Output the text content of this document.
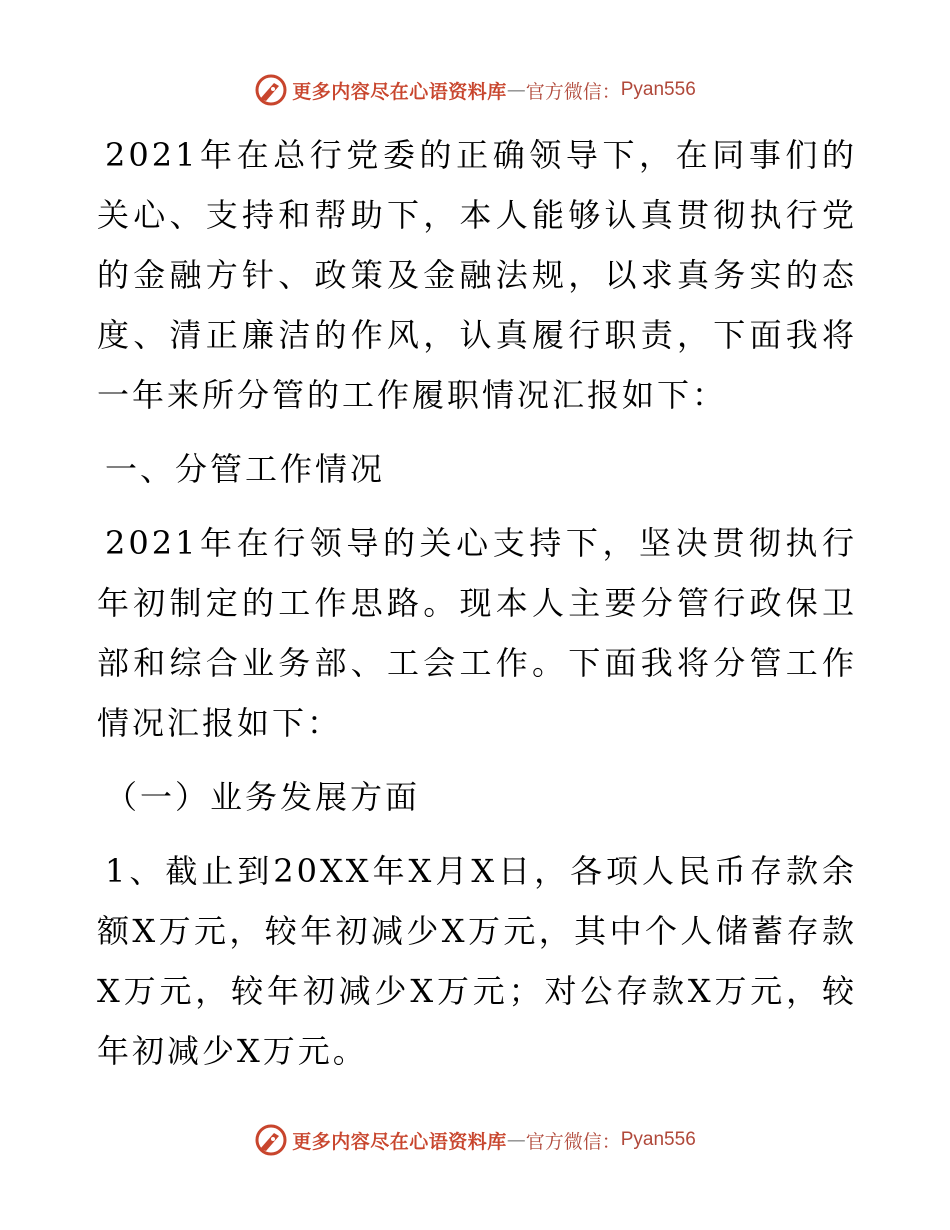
更多内容尽在心语资料库 — 官方微信： Pyan556

2021年在总行党委的正确领导下，在同事们的关心、支持和帮助下，本人能够认真贯彻执行党的金融方针、政策及金融法规，以求真务实的态度、清正廉洁的作风，认真履行职责，下面我将一年来所分管的工作履职情况汇报如下：

一、分管工作情况

2021年在行领导的关心支持下，坚决贯彻执行年初制定的工作思路。现本人主要分管行政保卫部和综合业务部、工会工作。下面我将分管工作情况汇报如下：

（一）业务发展方面

1、截止到20XX年X月X日，各项人民币存款余额X万元，较年初减少X万元，其中个人储蓄存款X万元，较年初减少X万元；对公存款X万元，较年初减少X万元。

更多内容尽在心语资料库 — 官方微信： Pyan556
